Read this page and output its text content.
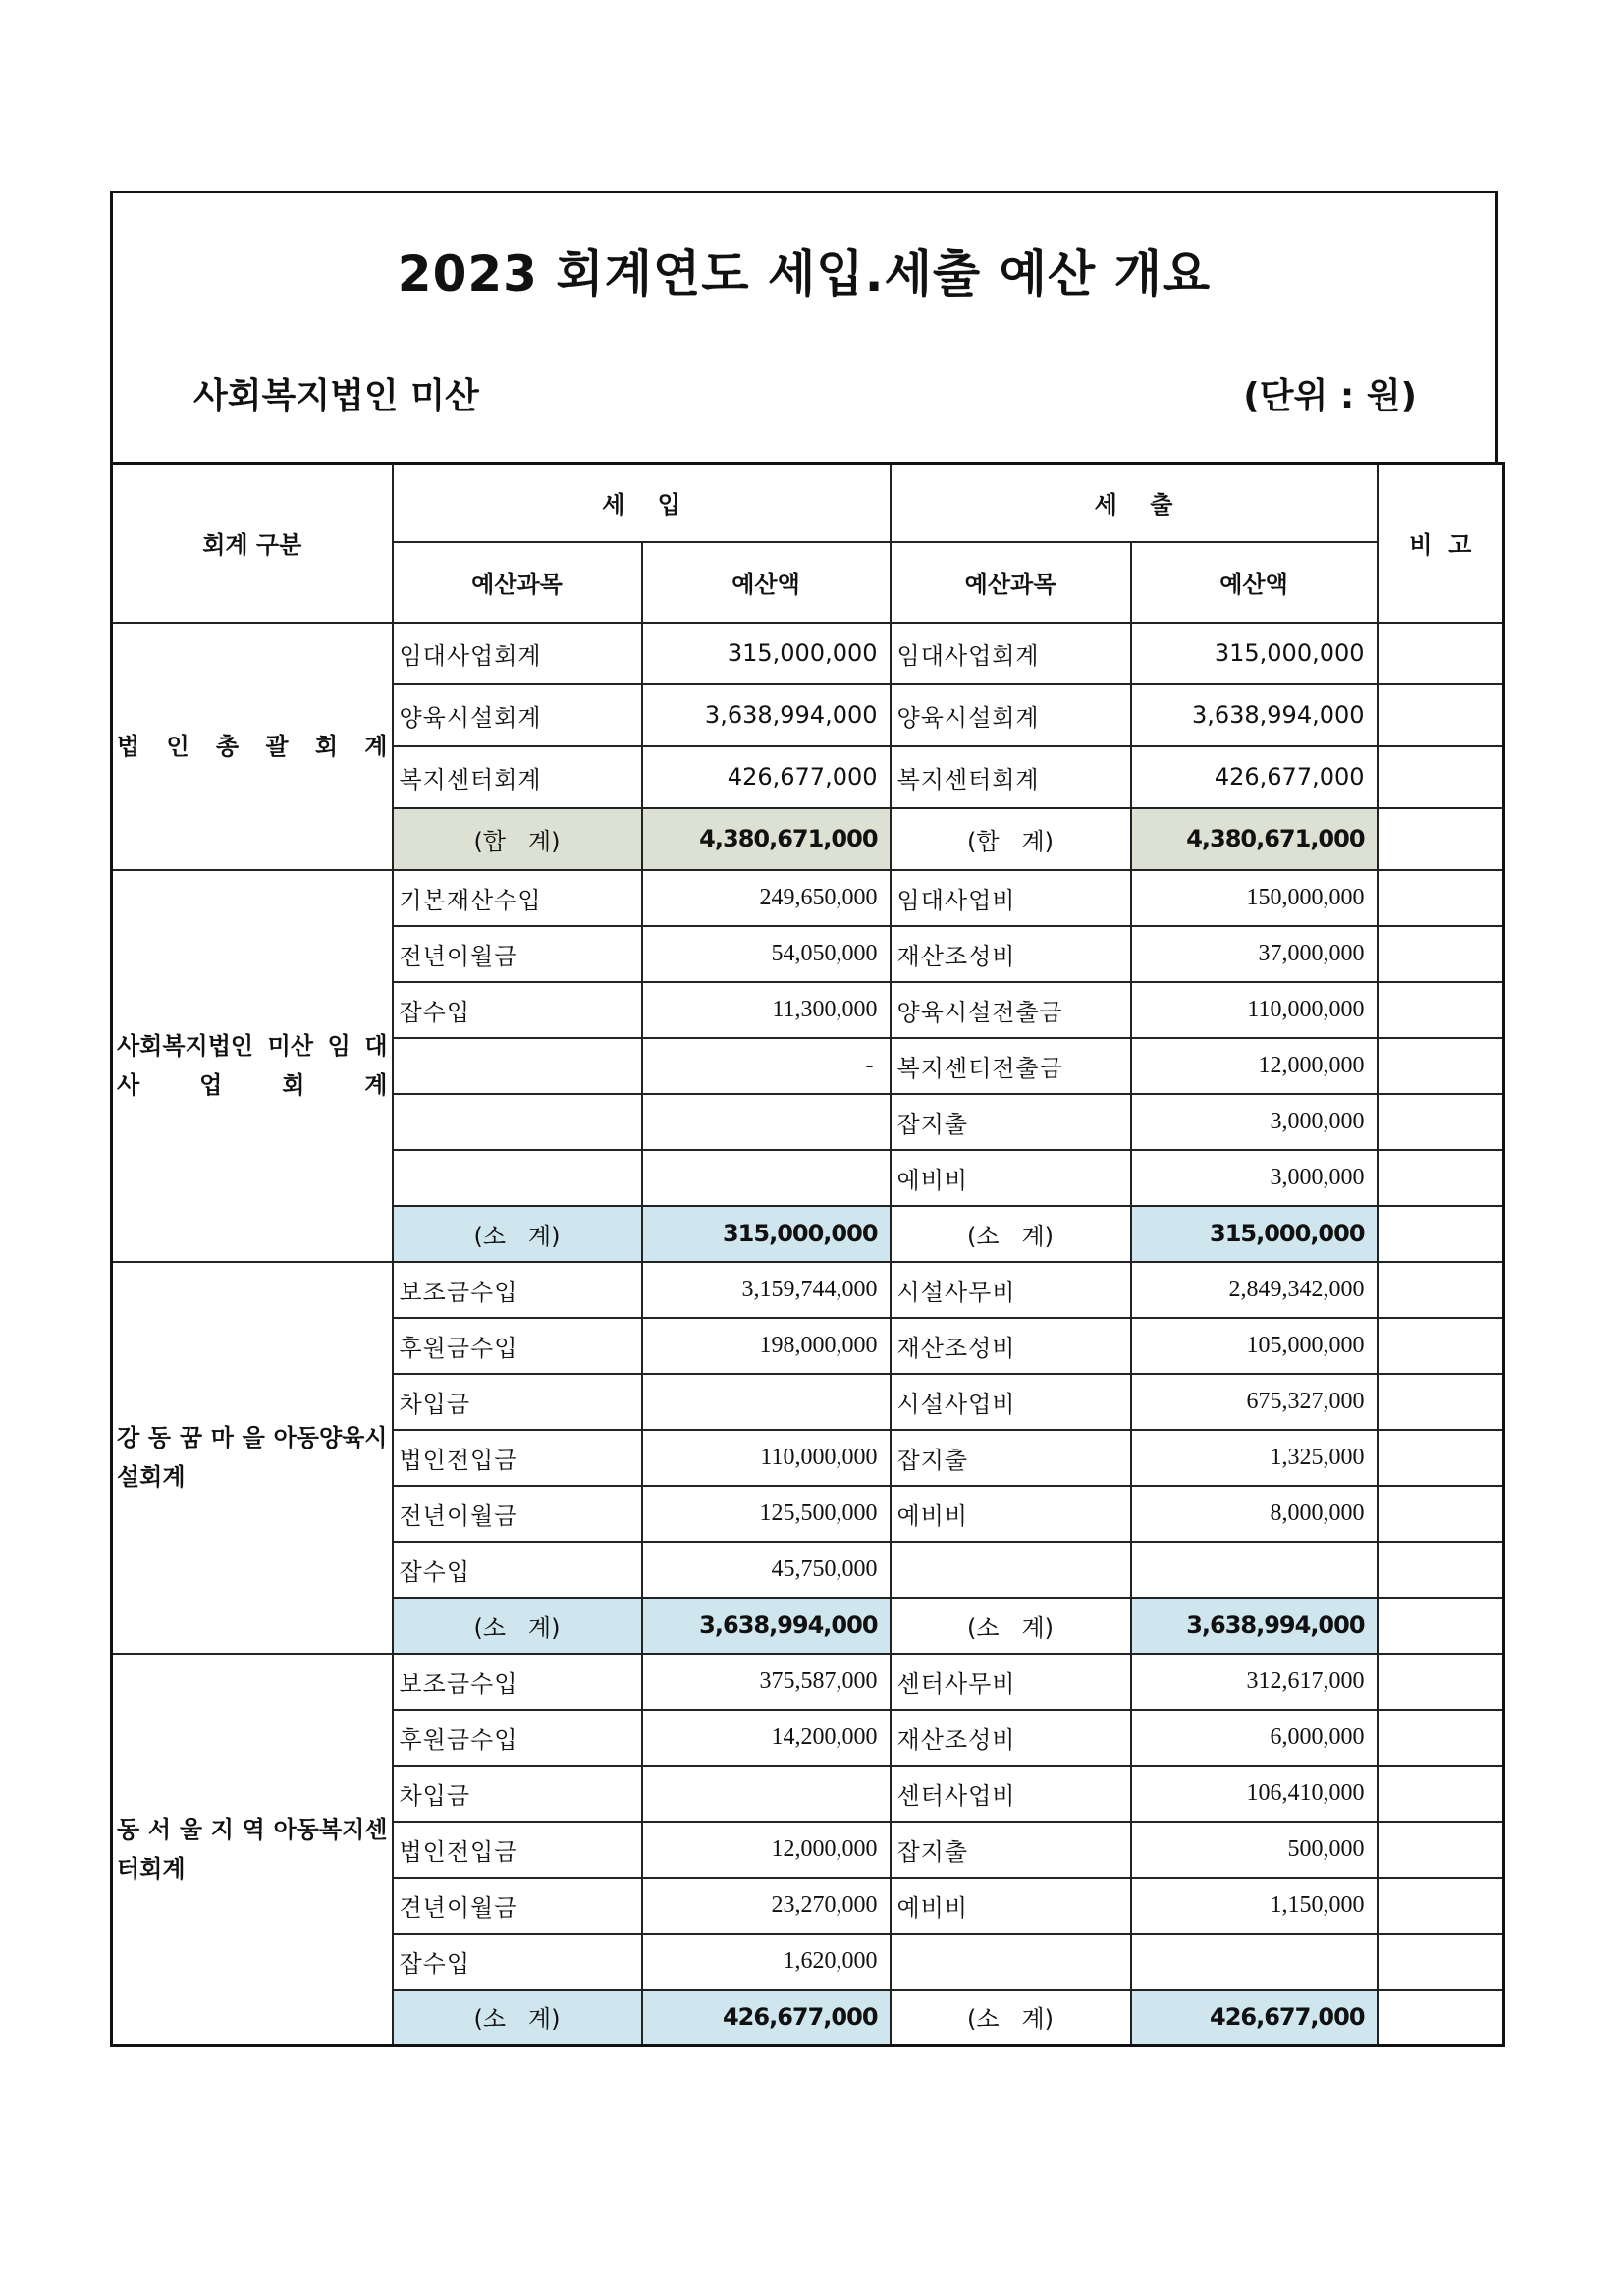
2023 회계연도 세입.세출 예산 개요
사회복지법인 미산	(단위 : 원)
회계 구분	세    입		세    출		비  고
	예산과목	예산액	예산과목	예산액	
법 인 총 괄 회 계	임대사업회계	315,000,000	임대사업회계	315,000,000	
	양육시설회계	3,638,994,000	양육시설회계	3,638,994,000	
	복지센터회계	426,677,000	복지센터회계	426,677,000	
	(합   계)	4,380,671,000	(합   계)	4,380,671,000	
사회복지법인 미산 임 대 사 업 회 계	기본재산수입	249,650,000	임대사업비	150,000,000	
	전년이월금	54,050,000	재산조성비	37,000,000	
	잡수입	11,300,000	양육시설전출금	110,000,000	
		-	복지센터전출금	12,000,000	
			잡지출	3,000,000	
			예비비	3,000,000	
	(소   계)	315,000,000	(소   계)	315,000,000	
강 동 꿈 마 을 아동양육시설회계	보조금수입	3,159,744,000	시설사무비	2,849,342,000	
	후원금수입	198,000,000	재산조성비	105,000,000	
	차입금		시설사업비	675,327,000	
	법인전입금	110,000,000	잡지출	1,325,000	
	전년이월금	125,500,000	예비비	8,000,000	
	잡수입	45,750,000			
	(소   계)	3,638,994,000	(소   계)	3,638,994,000	
동 서 울 지 역 아동복지센터회계	보조금수입	375,587,000	센터사무비	312,617,000	
	후원금수입	14,200,000	재산조성비	6,000,000	
	차입금		센터사업비	106,410,000	
	법인전입금	12,000,000	잡지출	500,000	
	견년이월금	23,270,000	예비비	1,150,000	
	잡수입	1,620,000			
	(소   계)	426,677,000	(소   계)	426,677,000	
